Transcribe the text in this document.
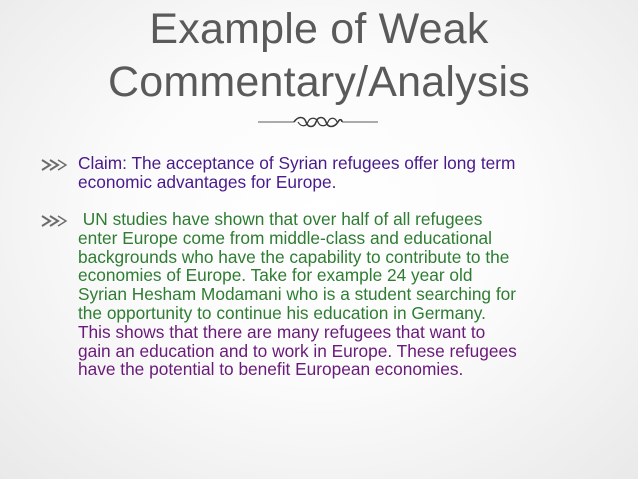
Example of Weak
Commentary/Analysis
Claim: The acceptance of Syrian refugees offer long term
economic advantages for Europe.
UN studies have shown that over half of all refugees
enter Europe come from middle-class and educational
backgrounds who have the capability to contribute to the
economies of Europe. Take for example 24 year old
Syrian Hesham Modamani who is a student searching for
the opportunity to continue his education in Germany.
This shows that there are many refugees that want to
gain an education and to work in Europe. These refugees
have the potential to benefit European economies.
